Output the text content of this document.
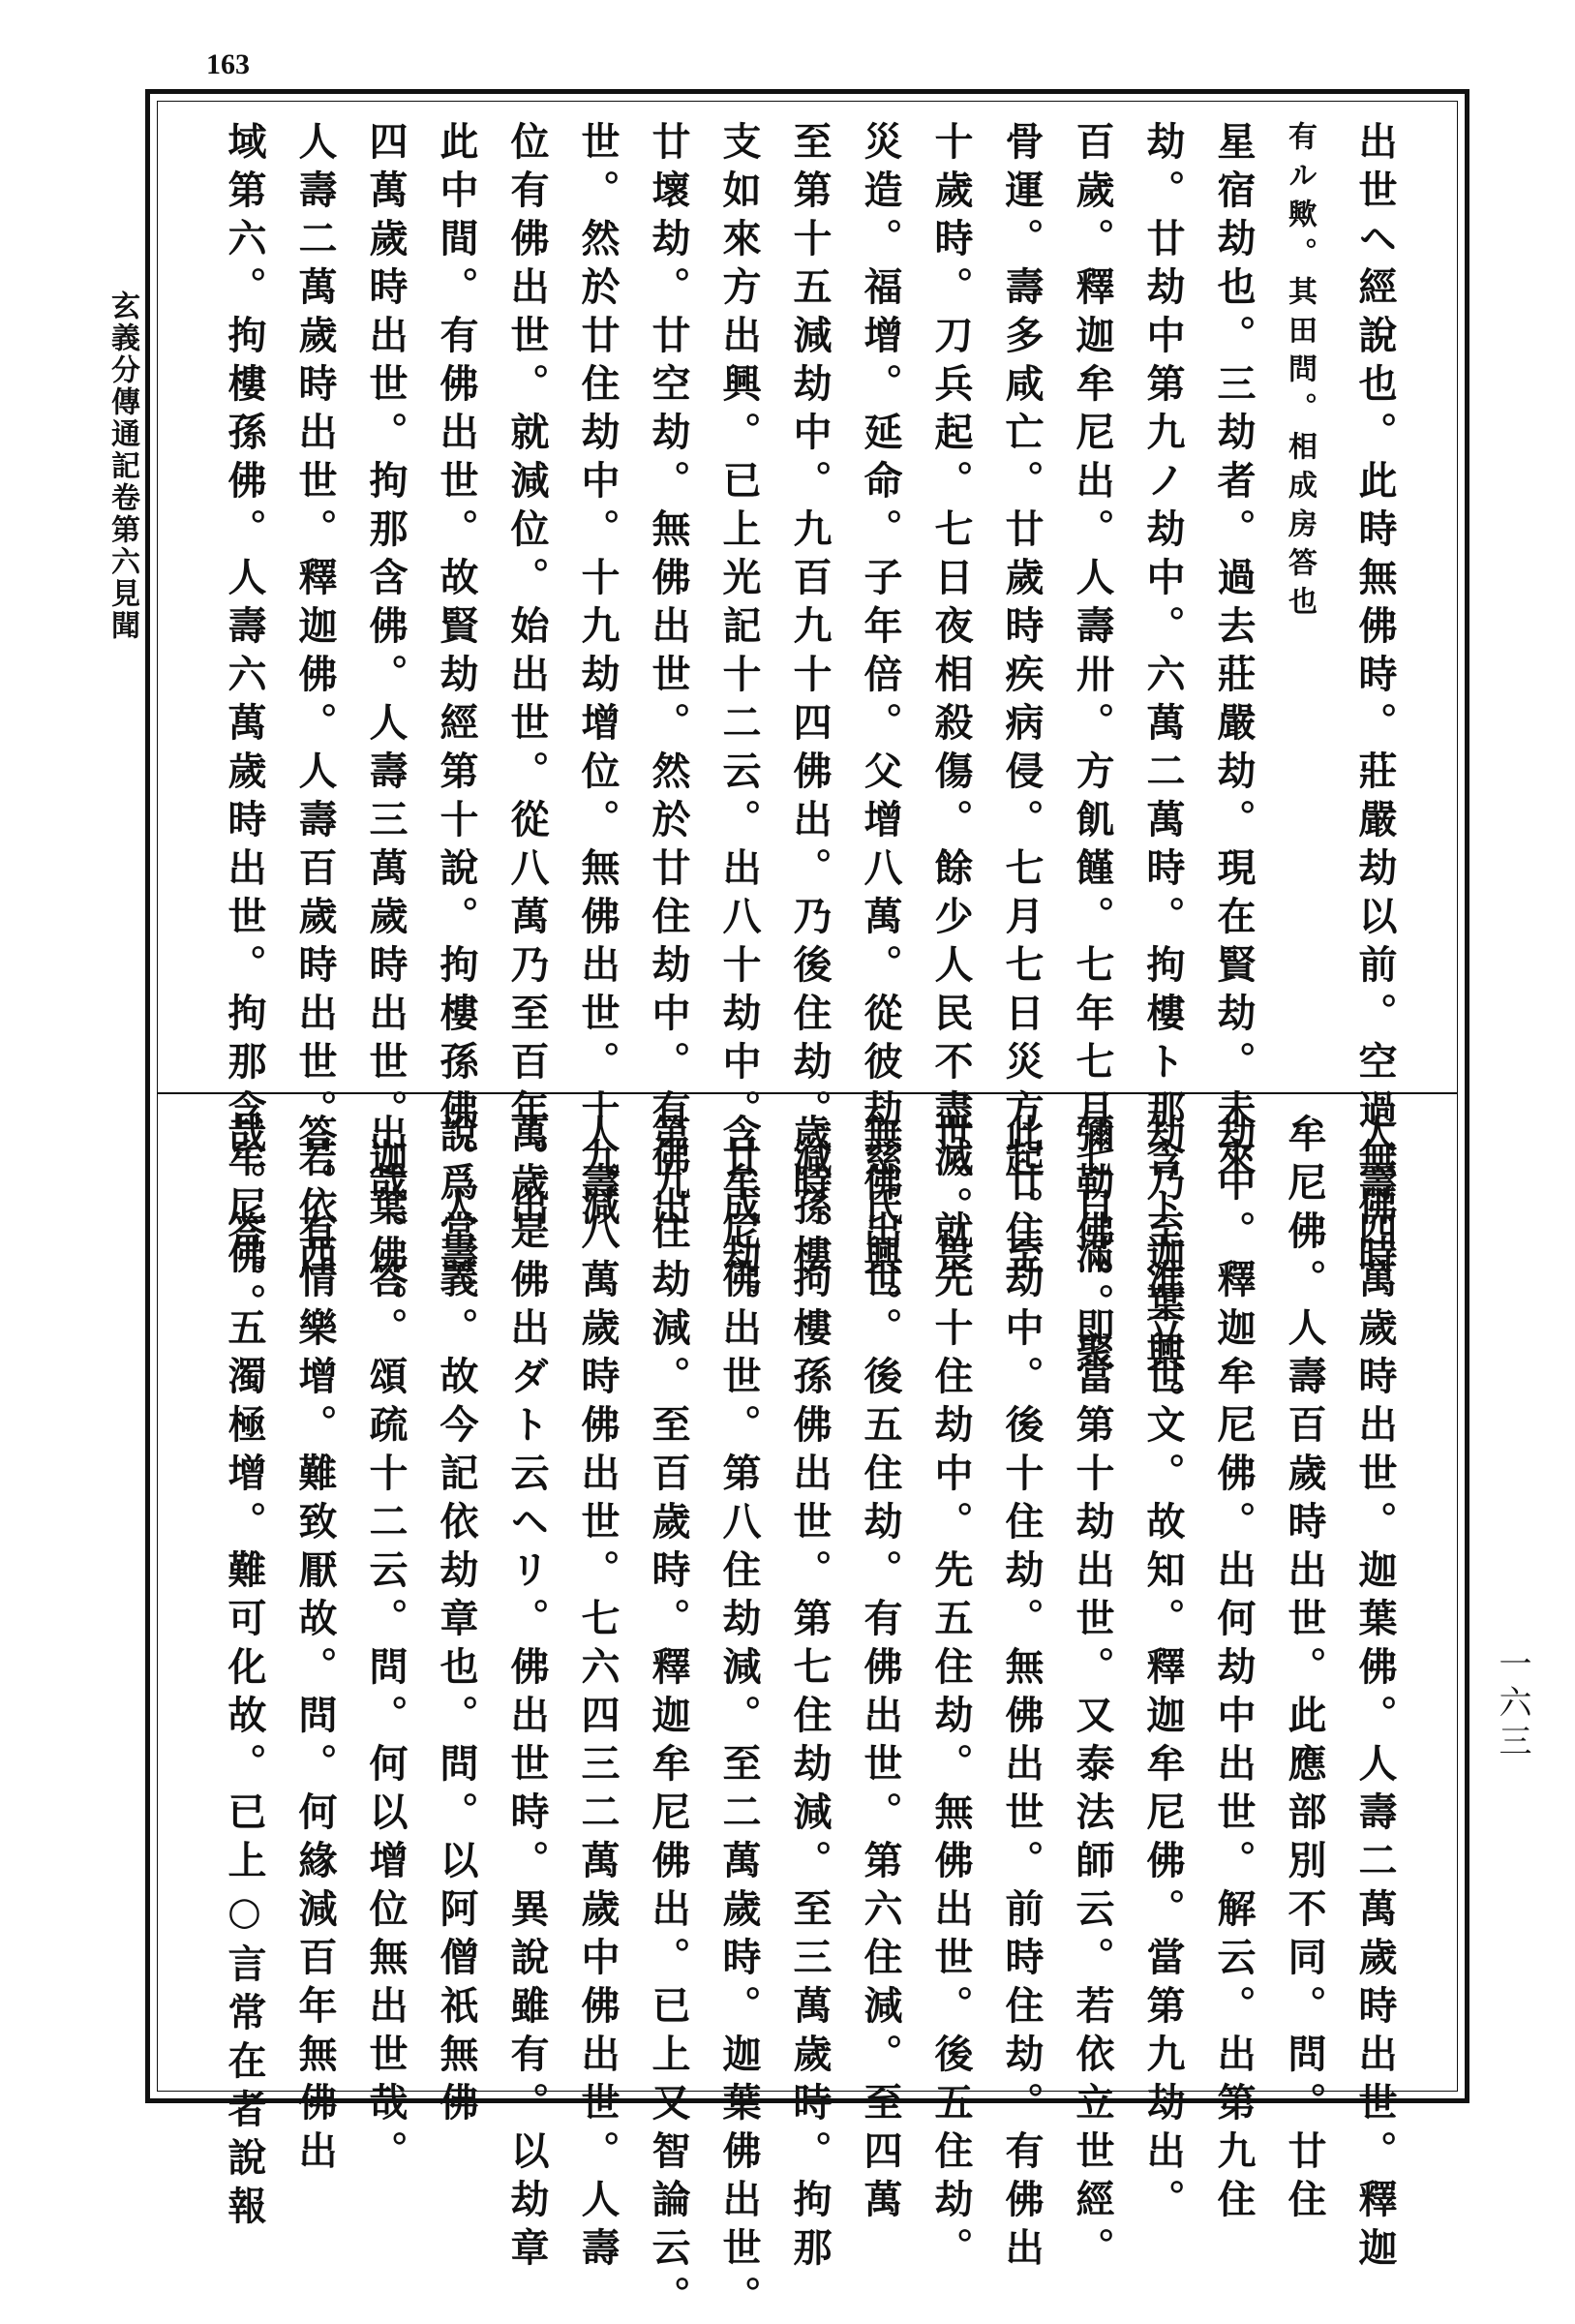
163
玄義分傳通記卷第六見聞
一六三
出世ヘ經說也。此時無佛時。莊嚴劫以前。空過無佛時
有ル歟。其田問。相成房答也
星宿劫也。三劫者。過去莊嚴劫。現在賢劫。未來
劫。廿劫中第九ノ劫中。六萬二萬時。拘樓ト那含ト迦葉興。
百歲。釋迦牟尼出。人壽卅。方飢饉。七年七月七日滿。聚
骨運。壽多咸亡。廿歲時疾病侵。七月七日災方起。至
十歲時。刀兵起。七日夜相殺傷。餘少人民不盡滅。畏
災造。福增。延命。子年倍。父增八萬。從彼劫慈氏興。
至第十五減劫中。九百九十四佛出。乃後住劫。減孫樓
支如來方出興。已上光記十二云。出八十劫中。廿成劫。
廿壞劫。廿空劫。無佛出世。然於廿住劫中。有佛出
世。然於廿住劫中。十九劫增位。無佛出世。十九減
位有佛出世。就減位。始出世。從八萬乃至百年。出
此中間。有佛出世。故賢劫經第十說。拘樓孫佛。人壽
四萬歲時出世。拘那含佛。人壽三萬歲時出世。迦葉佛。
人壽二萬歲時出世。釋迦佛。人壽百歲時出世。若依西
域第六。拘樓孫佛。人壽六萬歲時出世。拘那含牟尼佛。
人壽四萬歲時出世。迦葉佛。人壽二萬歲時出世。釋迦
牟尼佛。人壽百歲時出世。此應部別不同。問。廿住
劫中。釋迦牟尼佛。出何劫中出世。解云。出第九住
劫乃至淮立世文。故知。釋迦牟尼佛。當第九劫出。
彌勒佛。即當第十劫出世。又泰法師云。若依立世經。
此廿住劫中。後十住劫。無佛出世。前時住劫。有佛出
世。就先十住劫中。先五住劫。無佛出世。後五住劫。
無佛出世。後五住劫。有佛出世。第六住減。至四萬
歲時。拘樓孫佛出世。第七住劫減。至三萬歲時。拘那
含牟尼佛出世。第八住劫減。至二萬歲時。迦葉佛出世。
第九住劫減。至百歲時。釋迦牟尼佛出。已上又智論云。
人壽八萬歲時佛出世。七六四三二萬歲中佛出世。人壽
萬歲是佛出ダト云ヘリ。佛出世時。異說雖有。以劫章
說爲常義。故今記依劫章也。問。以阿僧祇無佛
出哉。答。頌疏十二云。問。何以增位無出世哉。
答。有情樂增。難致厭故。問。何緣減百年無佛出
哉。答。五濁極增。難可化故。已上○言常在者說報
